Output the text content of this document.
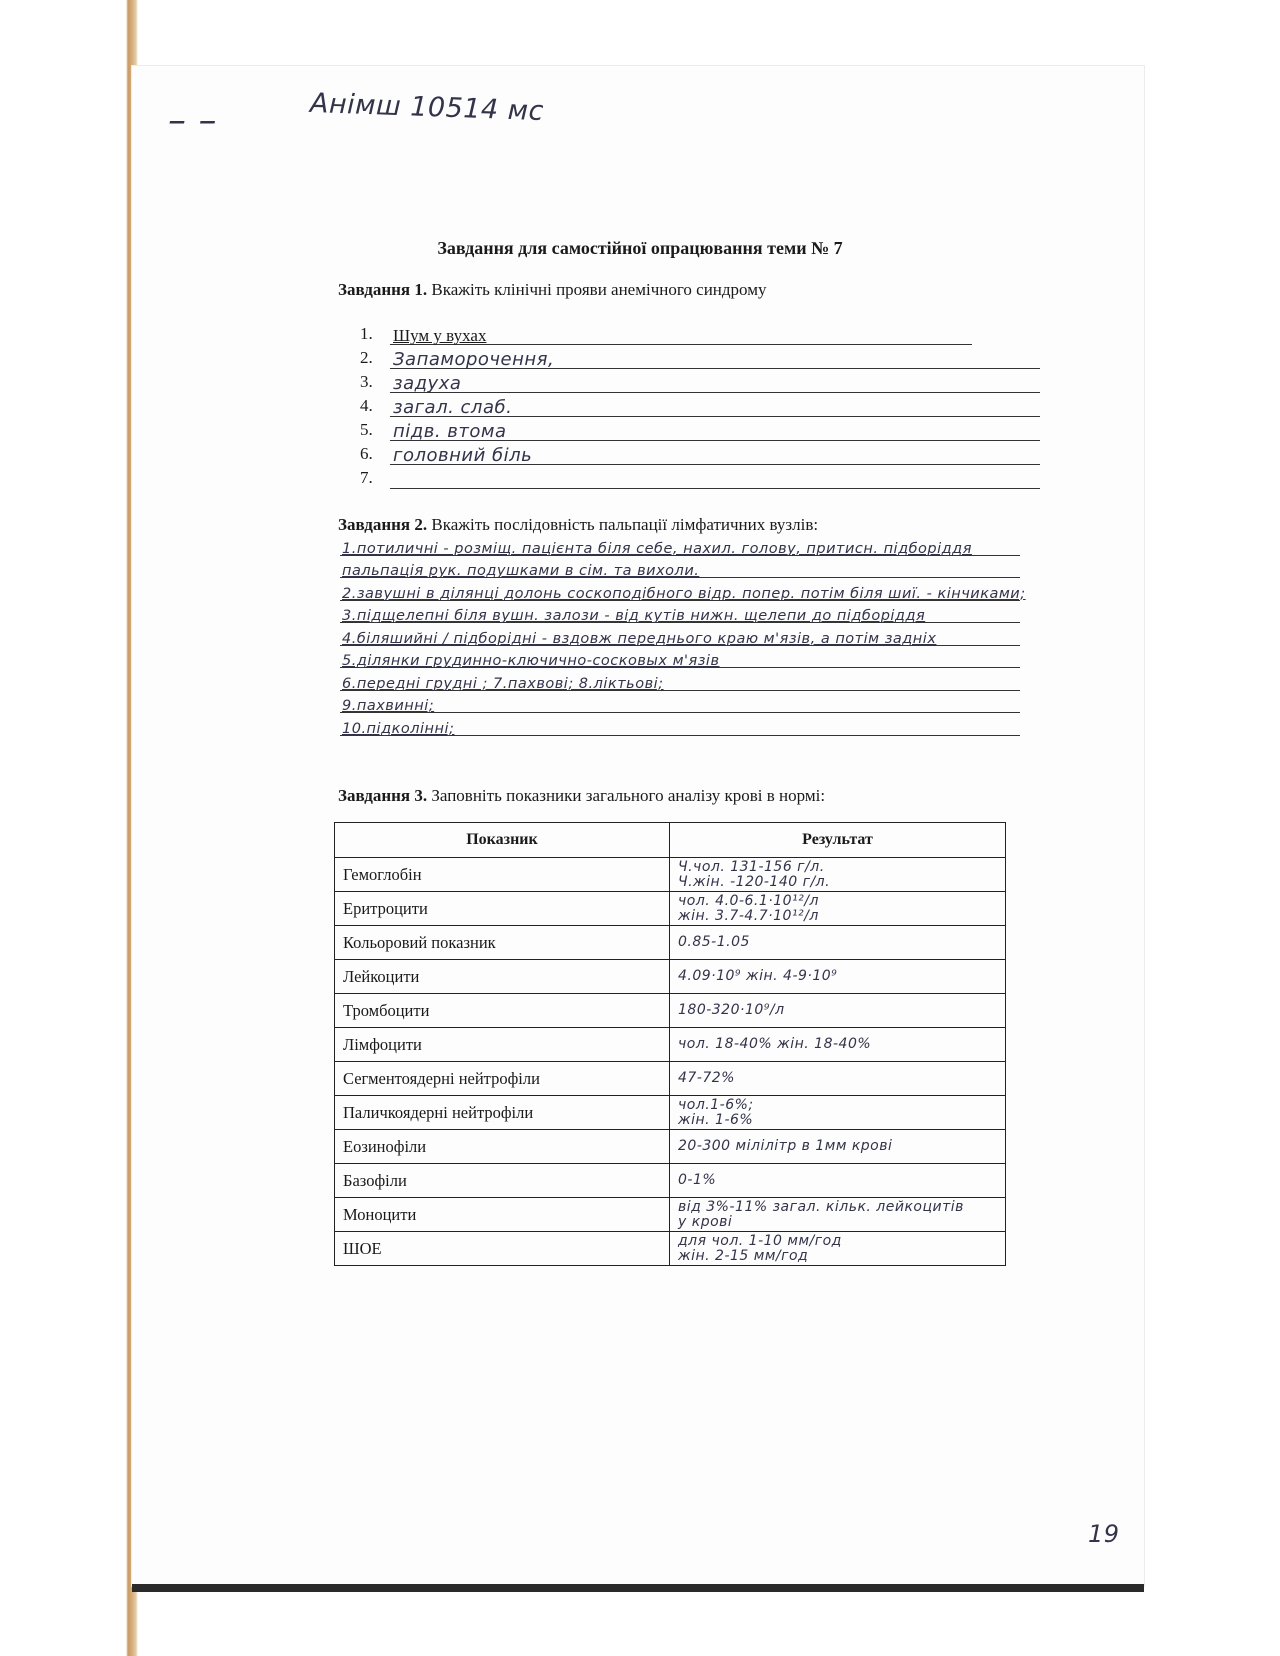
– –	Анімш 10514 мс
Завдання для самостійної опрацювання теми № 7
Завдання 1. Вкажіть клінічні прояви анемічного синдрому
1. Шум у вухах
2. Запаморочення,
3. задуха
4. загал. слаб.
5. підв. втома
6. головний біль
7.
Завдання 2. Вкажіть послідовність пальпації лімфатичних вузлів:
1.потиличні - розміщ. пацієнта біля себе, нахил. голову, притисн. підборіддя
пальпація рук. подушками в сім. та вихоли.
2.завушні в ділянці долонь соскоподібного відр. попер. потім біля шиї. - кінчиками;
3.підщелепні біля вушн. залози - від кутів нижн. щелепи до підборіддя
4.біляшийні / підборідні - вздовж переднього краю м'язів, а потім задніх
5.ділянки грудинно-ключично-сосковых м'язів
6.передні грудні ; 7.пахвові; 8.ліктьові;
9.пахвинні;
10.підколінні;
Завдання 3. Заповніть показники загального аналізу крові в нормі:
Показник	Результат
Гемоглобін	Ч.чол. 131-156 г/л.
Ч.жін. -120-140 г/л.

Еритроцити	чол. 4.0-6.1·10¹²/л
жін. 3.7-4.7·10¹²/л

Кольоровий показник	0.85-1.05

Лейкоцити	4.09·10⁹ жін. 4-9·10⁹

Тромбоцити	180-320·10⁹/л

Лімфоцити	чол. 18-40% жін. 18-40%

Сегментоядерні нейтрофіли	47-72%

Паличкоядерні нейтрофіли	чол.1-6%;
жін. 1-6%

Еозинофіли	20-300 мілілітр в 1мм крові

Базофіли	0-1%

Моноцити	від 3%-11% загал. кільк. лейкоцитів
у крові

ШОЕ	для чол. 1-10 мм/год
жін. 2-15 мм/год
19
